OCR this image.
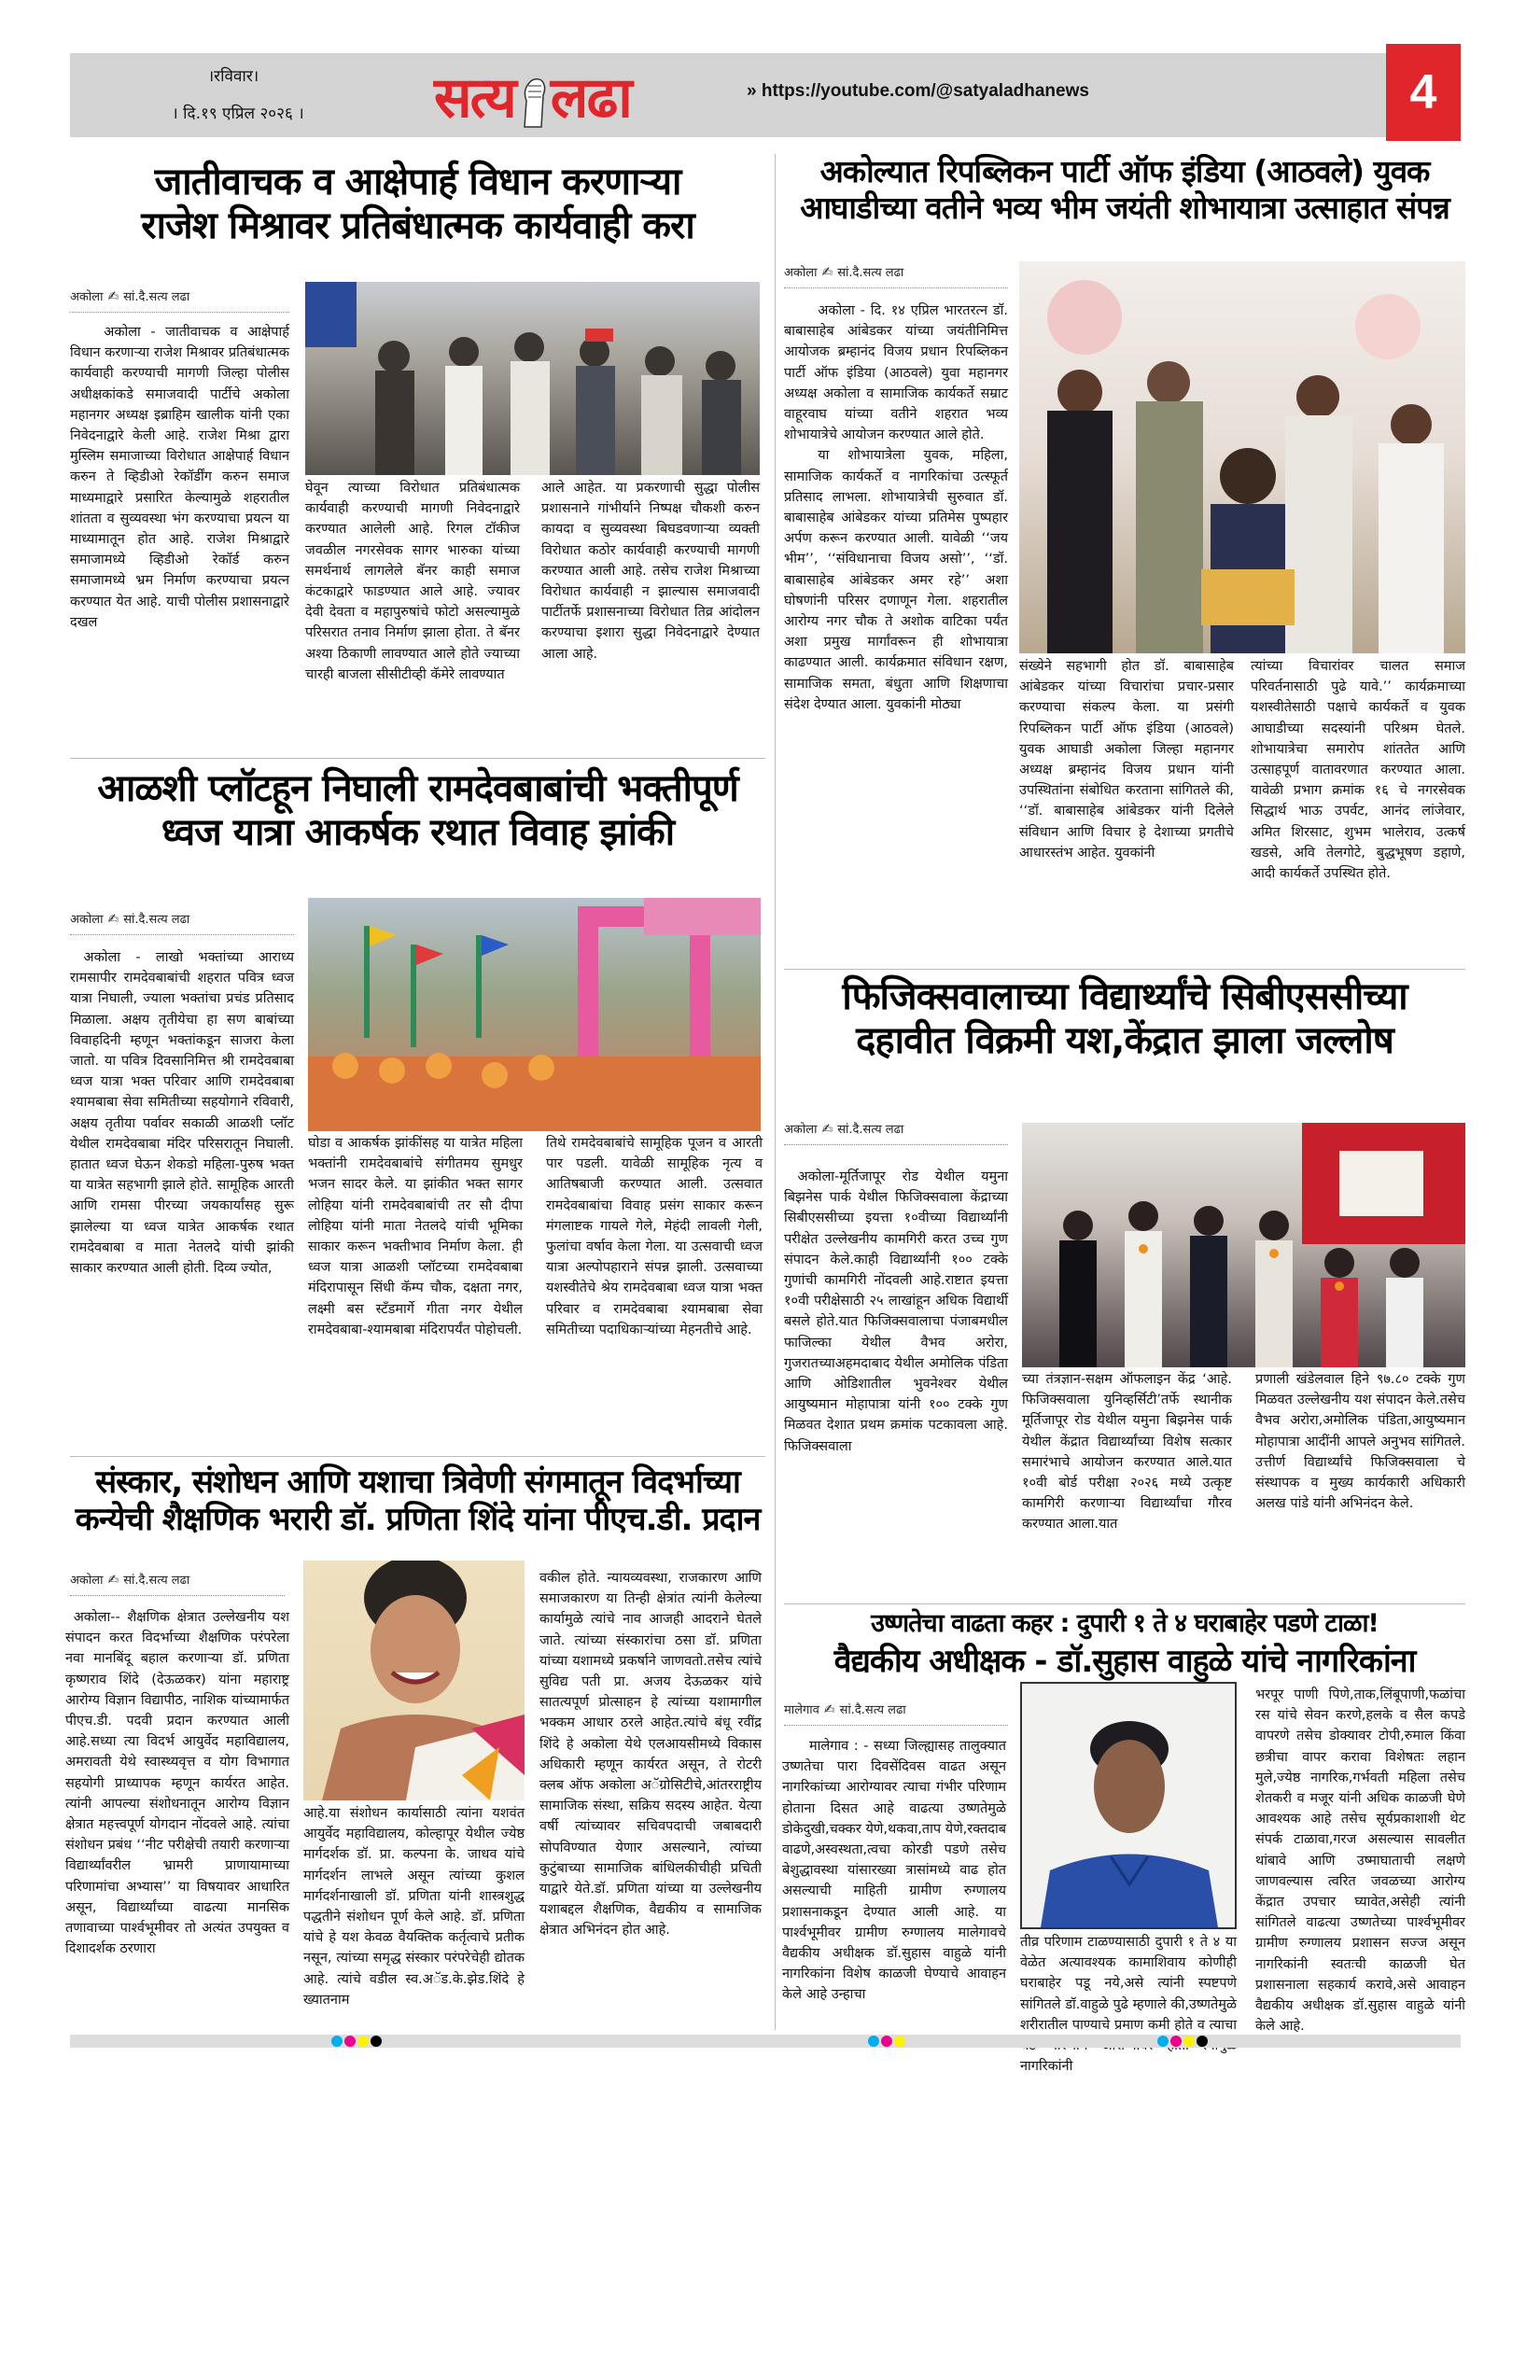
।रविवार।
। दि.१९ एप्रिल २०२६ । सत्य लढा	» https://youtube.com/@satyaladhanews	4
जातीवाचक व आक्षेपार्ह विधान करणाऱ्या
राजेश मिश्रावर प्रतिबंधात्मक कार्यवाही करा
अकोला ✍ सां.दै.सत्य लढा

अकोला - जातीवाचक व आक्षेपार्ह विधान करणाऱ्या राजेश मिश्रावर प्रतिबंधात्मक कार्यवाही करण्याची मागणी जिल्हा पोलीस अधीक्षकांकडे समाजवादी पार्टीचे अकोला महानगर अध्यक्ष इब्राहिम खालीक यांनी एका निवेदनाद्वारे केली आहे. राजेश मिश्रा द्वारा मुस्लिम समाजाच्या विरोधात आक्षेपार्ह विधान करुन ते व्हिडीओ रेकॉर्डींग करुन समाज माध्यमाद्वारे प्रसारित केल्यामुळे शहरातील शांतता व सुव्यवस्था भंग करण्याचा प्रयत्न या माध्यामातून होत आहे. राजेश मिश्राद्वारे समाजामध्ये व्हिडीओ रेकॉर्ड करुन समाजामध्ये भ्रम निर्माण करण्याचा प्रयत्न करण्यात येत आहे. याची पोलीस प्रशासनाद्वारे दखल

घेवून त्याच्या विरोधात प्रतिबंधात्मक कार्यवाही करण्याची मागणी निवेदनाद्वारे करण्यात आलेली आहे. रिगल टॉकीज जवळील नगरसेवक सागर भारुका यांच्या समर्थनार्थ लागलेले बॅनर काही समाज कंटकाद्वारे फाडण्यात आले आहे. ज्यावर देवी देवता व महापुरुषांचे फोटो असल्यामुळे परिसरात तनाव निर्माण झाला होता. ते बॅनर अश्या ठिकाणी लावण्यात आले होते ज्याच्या चारही बाजला सीसीटीव्ही कॅमेरे लावण्यात

आले आहेत. या प्रकरणाची सुद्धा पोलीस प्रशासनाने गांभीर्याने निष्पक्ष चौकशी करुन कायदा व सुव्यवस्था बिघडवणाऱ्या व्यक्ती विरोधात कठोर कार्यवाही करण्याची मागणी करण्यात आली आहे. तसेच राजेश मिश्राच्या विरोधात कार्यवाही न झाल्यास समाजवादी पार्टीतर्फे प्रशासनाच्या विरोधात तिव्र आंदोलन करण्याचा इशारा सुद्धा निवेदनाद्वारे देण्यात आला आहे.

अकोल्यात रिपब्लिकन पार्टी ऑफ इंडिया (आठवले) युवक
आघाडीच्या वतीने भव्य भीम जयंती शोभायात्रा उत्साहात संपन्न
अकोला ✍ सां.दै.सत्य लढा

अकोला - दि. १४ एप्रिल भारतरत्न डॉ. बाबासाहेब आंबेडकर यांच्या जयंतीनिमित्त आयोजक ब्रम्हानंद विजय प्रधान रिपब्लिकन पार्टी ऑफ इंडिया (आठवले) युवा महानगर अध्यक्ष अकोला व सामाजिक कार्यकर्ते सम्राट वाहूरवाघ यांच्या वतीने शहरात भव्य शोभायात्रेचे आयोजन करण्यात आले होते.

या शोभायात्रेला युवक, महिला, सामाजिक कार्यकर्ते व नागरिकांचा उत्स्फूर्त प्रतिसाद लाभला. शोभायात्रेची सुरुवात डॉ. बाबासाहेब आंबेडकर यांच्या प्रतिमेस पुष्पहार अर्पण करून करण्यात आली. यावेळी ‘‘जय भीम’’, ‘‘संविधानाचा विजय असो’’, ‘‘डॉ. बाबासाहेब आंबेडकर अमर रहे’’ अशा घोषणांनी परिसर दणाणून गेला. शहरातील आरोग्य नगर चौक ते अशोक वाटिका पर्यंत अशा प्रमुख मार्गांवरून ही शोभायात्रा काढण्यात आली. कार्यक्रमात संविधान रक्षण, सामाजिक समता, बंधुता आणि शिक्षणाचा संदेश देण्यात आला. युवकांनी मोठ्या

संख्येने सहभागी होत डॉ. बाबासाहेब आंबेडकर यांच्या विचारांचा प्रचार-प्रसार करण्याचा संकल्प केला. या प्रसंगी रिपब्लिकन पार्टी ऑफ इंडिया (आठवले) युवक आघाडी अकोला जिल्हा महानगर अध्यक्ष ब्रम्हानंद विजय प्रधान यांनी उपस्थितांना संबोधित करताना सांगितले की, ‘‘डॉ. बाबासाहेब आंबेडकर यांनी दिलेले संविधान आणि विचार हे देशाच्या प्रगतीचे आधारस्तंभ आहेत. युवकांनी

त्यांच्या विचारांवर चालत समाज परिवर्तनासाठी पुढे यावे.’’ कार्यक्रमाच्या यशस्वीतेसाठी पक्षाचे कार्यकर्ते व युवक आघाडीच्या सदस्यांनी परिश्रम घेतले. शोभायात्रेचा समारोप शांततेत आणि उत्साहपूर्ण वातावरणात करण्यात आला. यावेळी प्रभाग क्रमांक १६ चे नगरसेवक सिद्धार्थ भाऊ उपर्वट, आनंद लांजेवार, अमित शिरसाट, शुभम भालेराव, उत्कर्ष खडसे, अवि तेलगोटे, बुद्धभूषण डहाणे, आदी कार्यकर्ते उपस्थित होते.

आळशी प्लॉटहून निघाली रामदेवबाबांची भक्तीपूर्ण
ध्वज यात्रा आकर्षक रथात विवाह झांकी
अकोला ✍ सां.दै.सत्य लढा

अकोला - लाखो भक्तांच्या आराध्य रामसापीर रामदेवबाबांची शहरात पवित्र ध्वज यात्रा निघाली, ज्याला भक्तांचा प्रचंड प्रतिसाद मिळाला. अक्षय तृतीयेचा हा सण बाबांच्या विवाहदिनी म्हणून भक्तांकडून साजरा केला जातो. या पवित्र दिवसानिमित्त श्री रामदेवबाबा ध्वज यात्रा भक्त परिवार आणि रामदेवबाबा श्यामबाबा सेवा समितीच्या सहयोगाने रविवारी, अक्षय तृतीया पर्वावर सकाळी आळशी प्लॉट येथील रामदेवबाबा मंदिर परिसरातून निघाली. हातात ध्वज घेऊन शेकडो महिला-पुरुष भक्त या यात्रेत सहभागी झाले होते. सामूहिक आरती आणि रामसा पीरच्या जयकार्यांसह सुरू झालेल्या या ध्वज यात्रेत आकर्षक रथात रामदेवबाबा व माता नेतलदे यांची झांकी साकार करण्यात आली होती. दिव्य ज्योत,

घोडा व आकर्षक झांकींसह या यात्रेत महिला भक्तांनी रामदेवबाबांचे संगीतमय सुमधुर भजन सादर केले. या झांकीत भक्त सागर लोहिया यांनी रामदेवबाबांची तर सौ दीपा लोहिया यांनी माता नेतलदे यांची भूमिका साकार करून भक्तीभाव निर्माण केला. ही ध्वज यात्रा आळशी प्लॉटच्या रामदेवबाबा मंदिरापासून सिंधी कॅम्प चौक, दक्षता नगर, लक्ष्मी बस स्टँडमार्गे गीता नगर येथील रामदेवबाबा-श्यामबाबा मंदिरापर्यंत पोहोचली.

तिथे रामदेवबाबांचे सामूहिक पूजन व आरती पार पडली. यावेळी सामूहिक नृत्य व आतिषबाजी करण्यात आली. उत्सवात रामदेवबाबांचा विवाह प्रसंग साकार करून मंगलाष्टक गायले गेले, मेहंदी लावली गेली, फुलांचा वर्षाव केला गेला. या उत्सवाची ध्वज यात्रा अल्पोपहाराने संपन्न झाली. उत्सवाच्या यशस्वीतेचे श्रेय रामदेवबाबा ध्वज यात्रा भक्त परिवार व रामदेवबाबा श्यामबाबा सेवा समितीच्या पदाधिकाऱ्यांच्या मेहनतीचे आहे.

फिजिक्सवालाच्या विद्यार्थ्यांचे सिबीएससीच्या
दहावीत विक्रमी यश,केंद्रात झाला जल्लोष
अकोला ✍ सां.दै.सत्य लढा

अकोला-मूर्तिजापूर रोड येथील यमुना बिझनेस पार्क येथील फिजिक्सवाला केंद्राच्या सिबीएससीच्या इयत्ता १०वीच्या विद्यार्थ्यांनी परीक्षेत उल्लेखनीय कामगिरी करत उच्च गुण संपादन केले.काही विद्यार्थ्यांनी १०० टक्के गुणांची कामगिरी नोंदवली आहे.राष्टात इयत्ता १०वी परीक्षेसाठी २५ लाखांहून अधिक विद्यार्थी बसले होते.यात फिजिक्सवालाचा पंजाबमधील फाजिल्का येथील वैभव अरोरा, गुजरातच्याअहमदाबाद येथील अमोलिक पंडिता आणि ओडिशातील भुवनेश्वर येथील आयुष्यमान मोहापात्रा यांनी १०० टक्के गुण मिळवत देशात प्रथम क्रमांक पटकावला आहे. फिजिक्सवाला

च्या तंत्रज्ञान-सक्षम ऑफलाइन केंद्र ‘आहे. फिजिक्सवाला युनिव्हर्सिटी’तर्फे स्थानीक मूर्तिजापूर रोड येथील यमुना बिझनेस पार्क येथील केंद्रात विद्यार्थ्यांच्या विशेष सत्कार समारंभाचे आयोजन करण्यात आले.यात १०वी बोर्ड परीक्षा २०२६ मध्ये उत्कृष्ट कामगिरी करणाऱ्या विद्यार्थ्यांचा गौरव करण्यात आला.यात

प्रणाली खंडेलवाल हिने ९७.८० टक्के गुण मिळवत उल्लेखनीय यश संपादन केले.तसेच वैभव अरोरा,अमोलिक पंडिता,आयुष्यमान मोहापात्रा आदींनी आपले अनुभव सांगितले. उत्तीर्ण विद्यार्थ्यांचे फिजिक्सवाला चे संस्थापक व मुख्य कार्यकारी अधिकारी अलख पांडे यांनी अभिनंदन केले.

संस्कार, संशोधन आणि यशाचा त्रिवेणी संगमातून विदर्भाच्या
कन्येची शैक्षणिक भरारी डॉ. प्रणिता शिंदे यांना पीएच.डी. प्रदान
अकोला ✍ सां.दै.सत्य लढा

अकोला-- शैक्षणिक क्षेत्रात उल्लेखनीय यश संपादन करत विदर्भाच्या शैक्षणिक परंपरेला नवा मानबिंदू बहाल करणाऱ्या डॉ. प्रणिता कृष्णराव शिंदे (देऊळकर) यांना महाराष्ट्र आरोग्य विज्ञान विद्यापीठ, नाशिक यांच्यामार्फत पीएच.डी. पदवी प्रदान करण्यात आली आहे.सध्या त्या विदर्भ आयुर्वेद महाविद्यालय, अमरावती येथे स्वास्थ्यवृत्त व योग विभागात सहयोगी प्राध्यापक म्हणून कार्यरत आहेत. त्यांनी आपल्या संशोधनातून आरोग्य विज्ञान क्षेत्रात महत्त्वपूर्ण योगदान नोंदवले आहे. त्यांचा संशोधन प्रबंध ‘‘नीट परीक्षेची तयारी करणाऱ्या विद्यार्थ्यांवरील भ्रामरी प्राणायामाच्या परिणामांचा अभ्यास’’ या विषयावर आधारित असून, विद्यार्थ्यांच्या वाढत्या मानसिक तणावाच्या पार्श्वभूमीवर तो अत्यंत उपयुक्त व दिशादर्शक ठरणारा

आहे.या संशोधन कार्यासाठी त्यांना यशवंत आयुर्वेद महाविद्यालय, कोल्हापूर येथील ज्येष्ठ मार्गदर्शक डॉ. प्रा. कल्पना के. जाधव यांचे मार्गदर्शन लाभले असून त्यांच्या कुशल मार्गदर्शनाखाली डॉ. प्रणिता यांनी शास्त्रशुद्ध पद्धतीने संशोधन पूर्ण केले आहे. डॉ. प्रणिता यांचे हे यश केवळ वैयक्तिक कर्तृत्वाचे प्रतीक नसून, त्यांच्या समृद्ध संस्कार परंपरेचेही द्योतक आहे. त्यांचे वडील स्व.अॅड.के.झेड.शिंदे हे ख्यातनाम

वकील होते. न्यायव्यवस्था, राजकारण आणि समाजकारण या तिन्ही क्षेत्रांत त्यांनी केलेल्या कार्यामुळे त्यांचे नाव आजही आदराने घेतले जाते. त्यांच्या संस्कारांचा ठसा डॉ. प्रणिता यांच्या यशामध्ये प्रकर्षाने जाणवतो.तसेच त्यांचे सुविद्य पती प्रा. अजय देऊळकर यांचे सातत्यपूर्ण प्रोत्साहन हे त्यांच्या यशामागील भक्कम आधार ठरले आहेत.त्यांचे बंधू रवींद्र शिंदे हे अकोला येथे एलआयसीमध्ये विकास अधिकारी म्हणून कार्यरत असून, ते रोटरी क्लब ऑफ अकोला अॅग्रोसिटीचे,आंतरराष्ट्रीय सामाजिक संस्था, सक्रिय सदस्य आहेत. येत्या वर्षी त्यांच्यावर सचिवपदाची जबाबदारी सोपविण्यात येणार असल्याने, त्यांच्या कुटुंबाच्या सामाजिक बांधिलकीचीही प्रचिती याद्वारे येते.डॉ. प्रणिता यांच्या या उल्लेखनीय यशाबद्दल शैक्षणिक, वैद्यकीय व सामाजिक क्षेत्रात अभिनंदन होत आहे.

उष्णतेचा वाढता कहर : दुपारी १ ते ४ घराबाहेर पडणे टाळा!
वैद्यकीय अधीक्षक - डॉ.सुहास वाहुळे यांचे नागरिकांना
मालेगाव ✍ सां.दै.सत्य लढा

मालेगाव : - सध्या जिल्ह्यासह तालुक्यात उष्णतेचा पारा दिवसेंदिवस वाढत असून नागरिकांच्या आरोग्यावर त्याचा गंभीर परिणाम होताना दिसत आहे वाढत्या उष्णतेमुळे डोकेदुखी,चक्कर येणे,थकवा,ताप येणे,रक्तदाब वाढणे,अस्वस्थता,त्वचा कोरडी पडणे तसेच बेशुद्धावस्था यांसारख्या त्रासांमध्ये वाढ होत असल्याची माहिती ग्रामीण रुग्णालय प्रशासनाकडून देण्यात आली आहे. या पार्श्वभूमीवर ग्रामीण रुग्णालय मालेगावचे वैद्यकीय अधीक्षक डॉ.सुहास वाहुळे यांनी नागरिकांना विशेष काळजी घेण्याचे आवाहन केले आहे उन्हाचा

तीव्र परिणाम टाळण्यासाठी दुपारी १ ते ४ या वेळेत अत्यावश्यक कामाशिवाय कोणीही घराबाहेर पडू नये,असे त्यांनी स्पष्टपणे सांगितले डॉ.वाहुळे पुढे म्हणाले की,उष्णतेमुळे शरीरातील पाण्याचे प्रमाण कमी होते व त्याचा नागरिकांनी

भरपूर पाणी पिणे,ताक,लिंबूपाणी,फळांचा रस यांचे सेवन करणे,हलके व सैल कपडे वापरणे तसेच डोक्यावर टोपी,रुमाल किंवा छत्रीचा वापर करावा विशेषतः लहान मुले,ज्येष्ठ नागरिक,गर्भवती महिला तसेच शेतकरी व मजूर यांनी अधिक काळजी घेणे आवश्यक आहे तसेच सूर्यप्रकाशाशी थेट संपर्क टाळावा,गरज असल्यास सावलीत थांबावे आणि उष्माघाताची लक्षणे जाणवल्यास त्वरित जवळच्या आरोग्य केंद्रात उपचार घ्यावेत,असेही त्यांनी सांगितले वाढत्या उष्णतेच्या पार्श्वभूमीवर ग्रामीण रुग्णालय प्रशासन सज्ज असून नागरिकांनी स्वतःची काळजी घेत प्रशासनाला सहकार्य करावे,असे आवाहन वैद्यकीय अधीक्षक डॉ.सुहास वाहुळे यांनी केले आहे.
